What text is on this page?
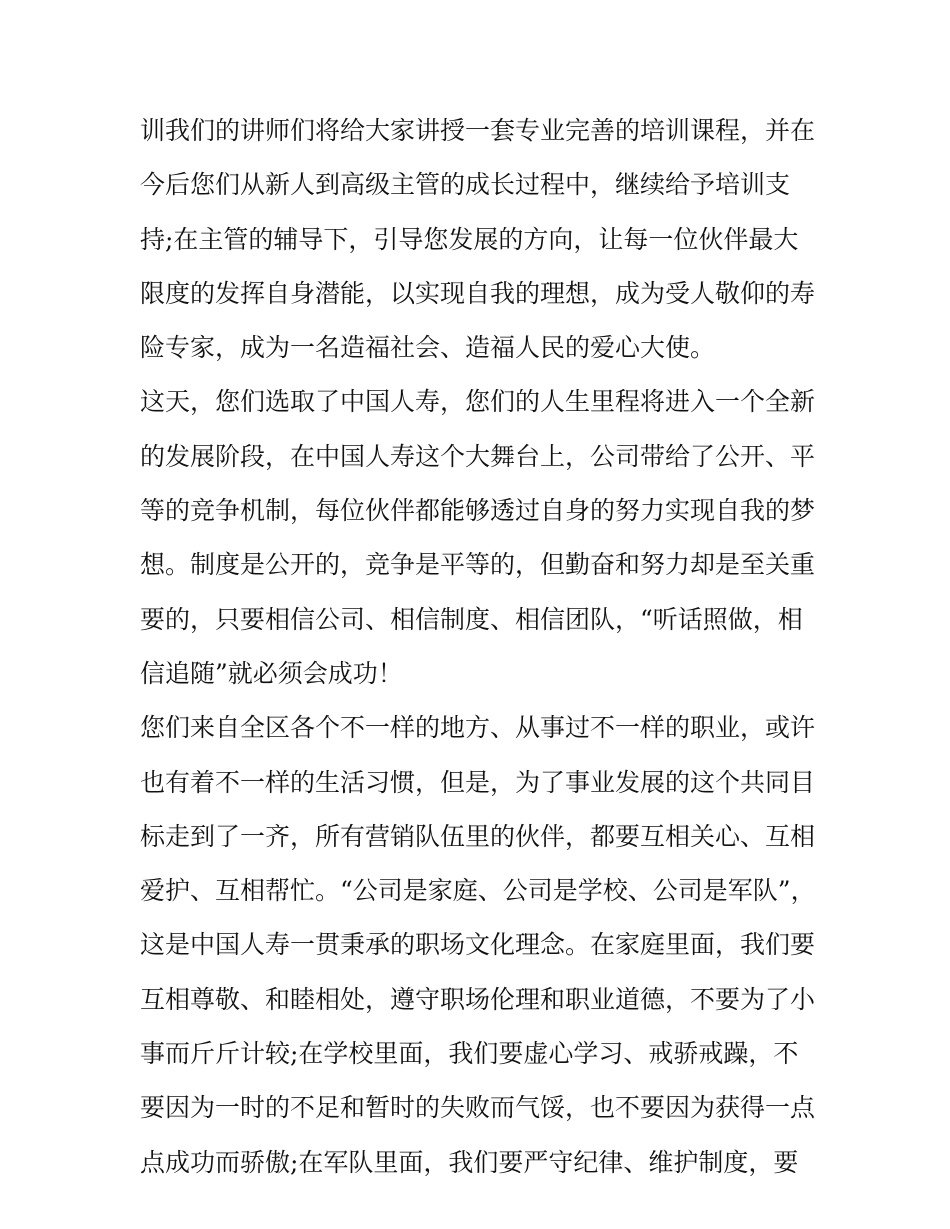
训我们的讲师们将给大家讲授一套专业完善的培训课程，并在
今后您们从新人到高级主管的成长过程中，继续给予培训支
持;在主管的辅导下，引导您发展的方向，让每一位伙伴最大
限度的发挥自身潜能，以实现自我的理想，成为受人敬仰的寿
险专家，成为一名造福社会、造福人民的爱心大使。
这天，您们选取了中国人寿，您们的人生里程将进入一个全新
的发展阶段，在中国人寿这个大舞台上，公司带给了公开、平
等的竞争机制，每位伙伴都能够透过自身的努力实现自我的梦
想。制度是公开的，竞争是平等的，但勤奋和努力却是至关重
要的，只要相信公司、相信制度、相信团队，“听话照做，相
信追随”就必须会成功！
您们来自全区各个不一样的地方、从事过不一样的职业，或许
也有着不一样的生活习惯，但是，为了事业发展的这个共同目
标走到了一齐，所有营销队伍里的伙伴，都要互相关心、互相
爱护、互相帮忙。“公司是家庭、公司是学校、公司是军队”，
这是中国人寿一贯秉承的职场文化理念。在家庭里面，我们要
互相尊敬、和睦相处，遵守职场伦理和职业道德，不要为了小
事而斤斤计较;在学校里面，我们要虚心学习、戒骄戒躁，不
要因为一时的不足和暂时的失败而气馁，也不要因为获得一点
点成功而骄傲;在军队里面，我们要严守纪律、维护制度，要
